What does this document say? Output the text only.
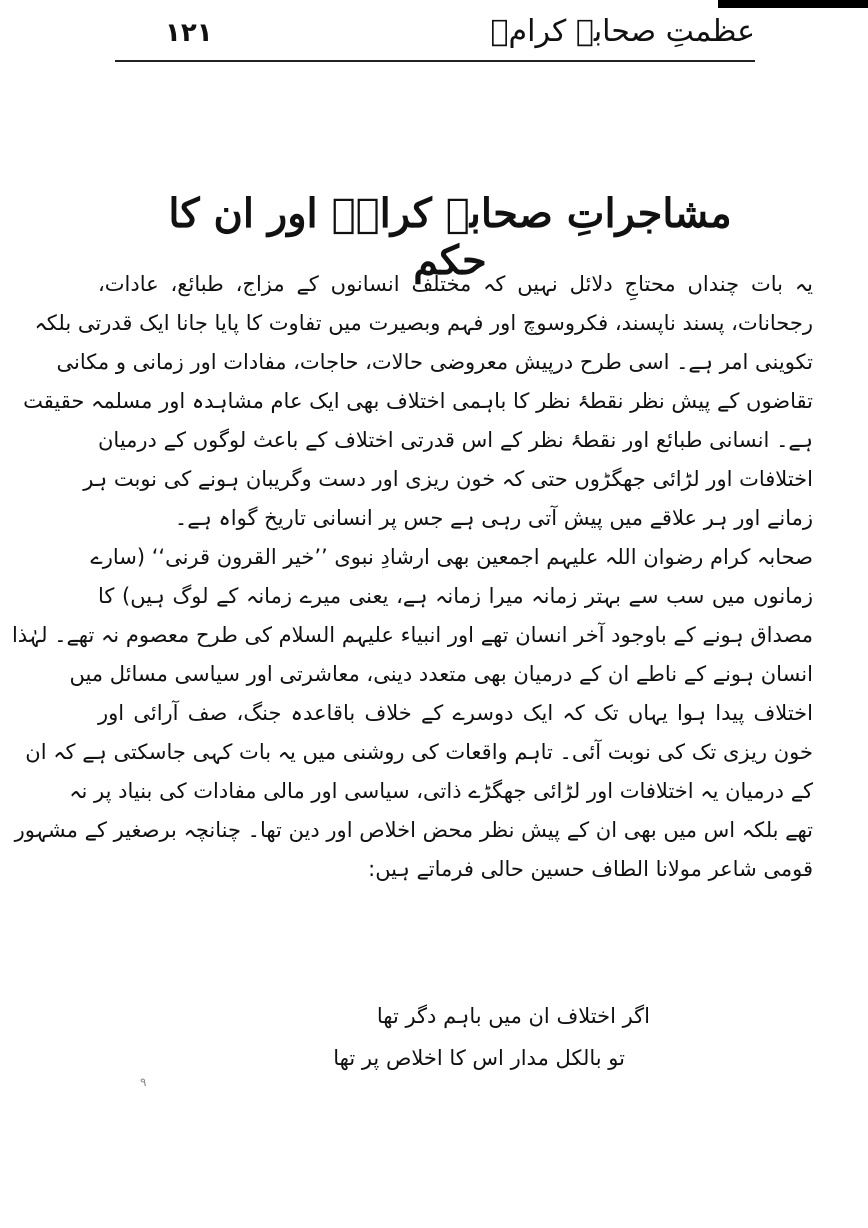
۱۲۱	عظمتِ صحابہ کرامؓ
مشاجراتِ صحابہ کرامؓ اور ان کا حکم
یہ بات چنداں محتاجِ دلائل نہیں کہ مختلف انسانوں کے مزاج، طبائع، عادات،
رجحانات، پسند ناپسند، فکروسوچ اور فہم وبصیرت میں تفاوت کا پایا جانا ایک قدرتی بلکہ
تکوینی امر ہے۔ اسی طرح درپیش معروضی حالات، حاجات، مفادات اور زمانی و مکانی
تقاضوں کے پیش نظر نقطۂ نظر کا باہمی اختلاف بھی ایک عام مشاہدہ اور مسلمہ حقیقت
ہے۔ انسانی طبائع اور نقطۂ نظر کے اس قدرتی اختلاف کے باعث لوگوں کے درمیان
اختلافات اور لڑائی جھگڑوں حتی کہ خون ریزی اور دست وگریبان ہونے کی نوبت ہر
زمانے اور ہر علاقے میں پیش آتی رہی ہے جس پر انسانی تاریخ گواہ ہے۔
صحابہ کرام رضوان اللہ علیہم اجمعین بھی ارشادِ نبوی ’’خیر القرون قرنی‘‘ (سارے
زمانوں میں سب سے بہتر زمانہ میرا زمانہ ہے، یعنی میرے زمانہ کے لوگ ہیں) کا
مصداق ہونے کے باوجود آخر انسان تھے اور انبیاء علیہم السلام کی طرح معصوم نہ تھے۔ لہٰذا
انسان ہونے کے ناطے ان کے درمیان بھی متعدد دینی، معاشرتی اور سیاسی مسائل میں
اختلاف پیدا ہوا یہاں تک کہ ایک دوسرے کے خلاف باقاعدہ جنگ، صف آرائی اور
خون ریزی تک کی نوبت آئی۔ تاہم واقعات کی روشنی میں یہ بات کہی جاسکتی ہے کہ ان
کے درمیان یہ اختلافات اور لڑائی جھگڑے ذاتی، سیاسی اور مالی مفادات کی بنیاد پر نہ
تھے بلکہ اس میں بھی ان کے پیش نظر محض اخلاص اور دین تھا۔ چنانچہ برصغیر کے مشہور
قومی شاعر مولانا الطاف حسین حالی فرماتے ہیں:
اگر اختلاف ان میں باہم دگر تھا
تو بالکل مدار اس کا اخلاص پر تھا
۹
